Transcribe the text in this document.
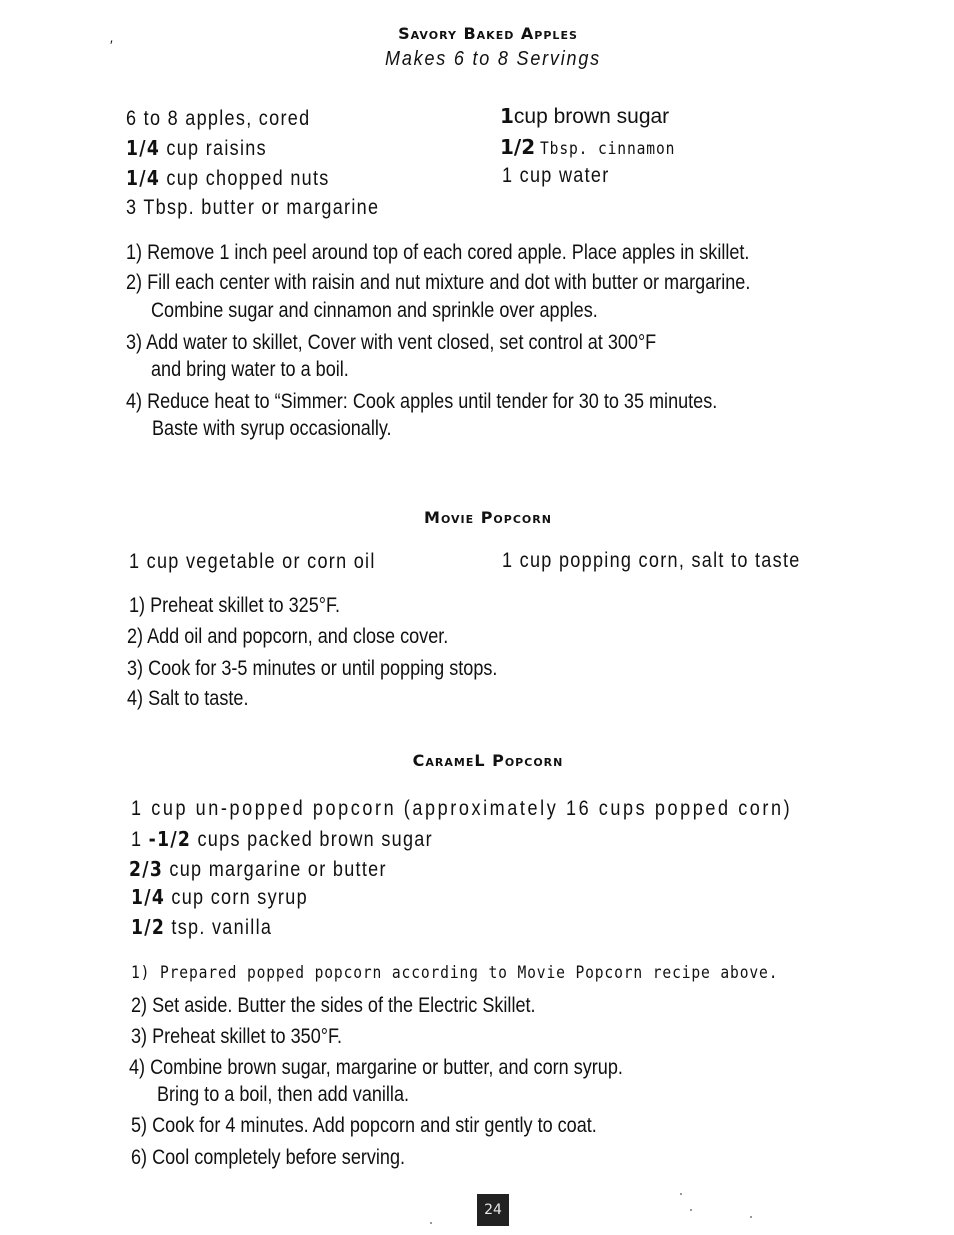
′
Savory Baked Apples
Makes 6 to 8 Servings
6 to 8 apples, cored
1/4 cup raisins
1/4 cup chopped nuts
3 Tbsp. butter or margarine
1cup brown sugar
1/2 Tbsp. cinnamon
1 cup water
1) Remove 1 inch peel around top of each cored apple. Place apples in skillet.
2) Fill each center with raisin and nut mixture and dot with butter or margarine.
Combine sugar and cinnamon and sprinkle over apples.
3) Add water to skillet, Cover with vent closed, set control at 300°F
and bring water to a boil.
4) Reduce heat to “Simmer: Cook apples until tender for 30 to 35 minutes.
Baste with syrup occasionally.
Movie Popcorn
1 cup vegetable or corn oil	1 cup popping corn, salt to taste
1) Preheat skillet to 325°F.
2) Add oil and popcorn, and close cover.
3) Cook for 3-5 minutes or until popping stops.
4) Salt to taste.
CarameL Popcorn
1 cup un-popped popcorn (approximately 16 cups popped corn)
1 -1/2 cups packed brown sugar
2/3 cup margarine or butter
1/4 cup corn syrup
1/2 tsp. vanilla
1) Prepared popped popcorn according to Movie Popcorn recipe above.
2) Set aside. Butter the sides of the Electric Skillet.
3) Preheat skillet to 350°F.
4) Combine brown sugar, margarine or butter, and corn syrup.
Bring to a boil, then add vanilla.
5) Cook for 4 minutes. Add popcorn and stir gently to coat.
6) Cool completely before serving.
24
